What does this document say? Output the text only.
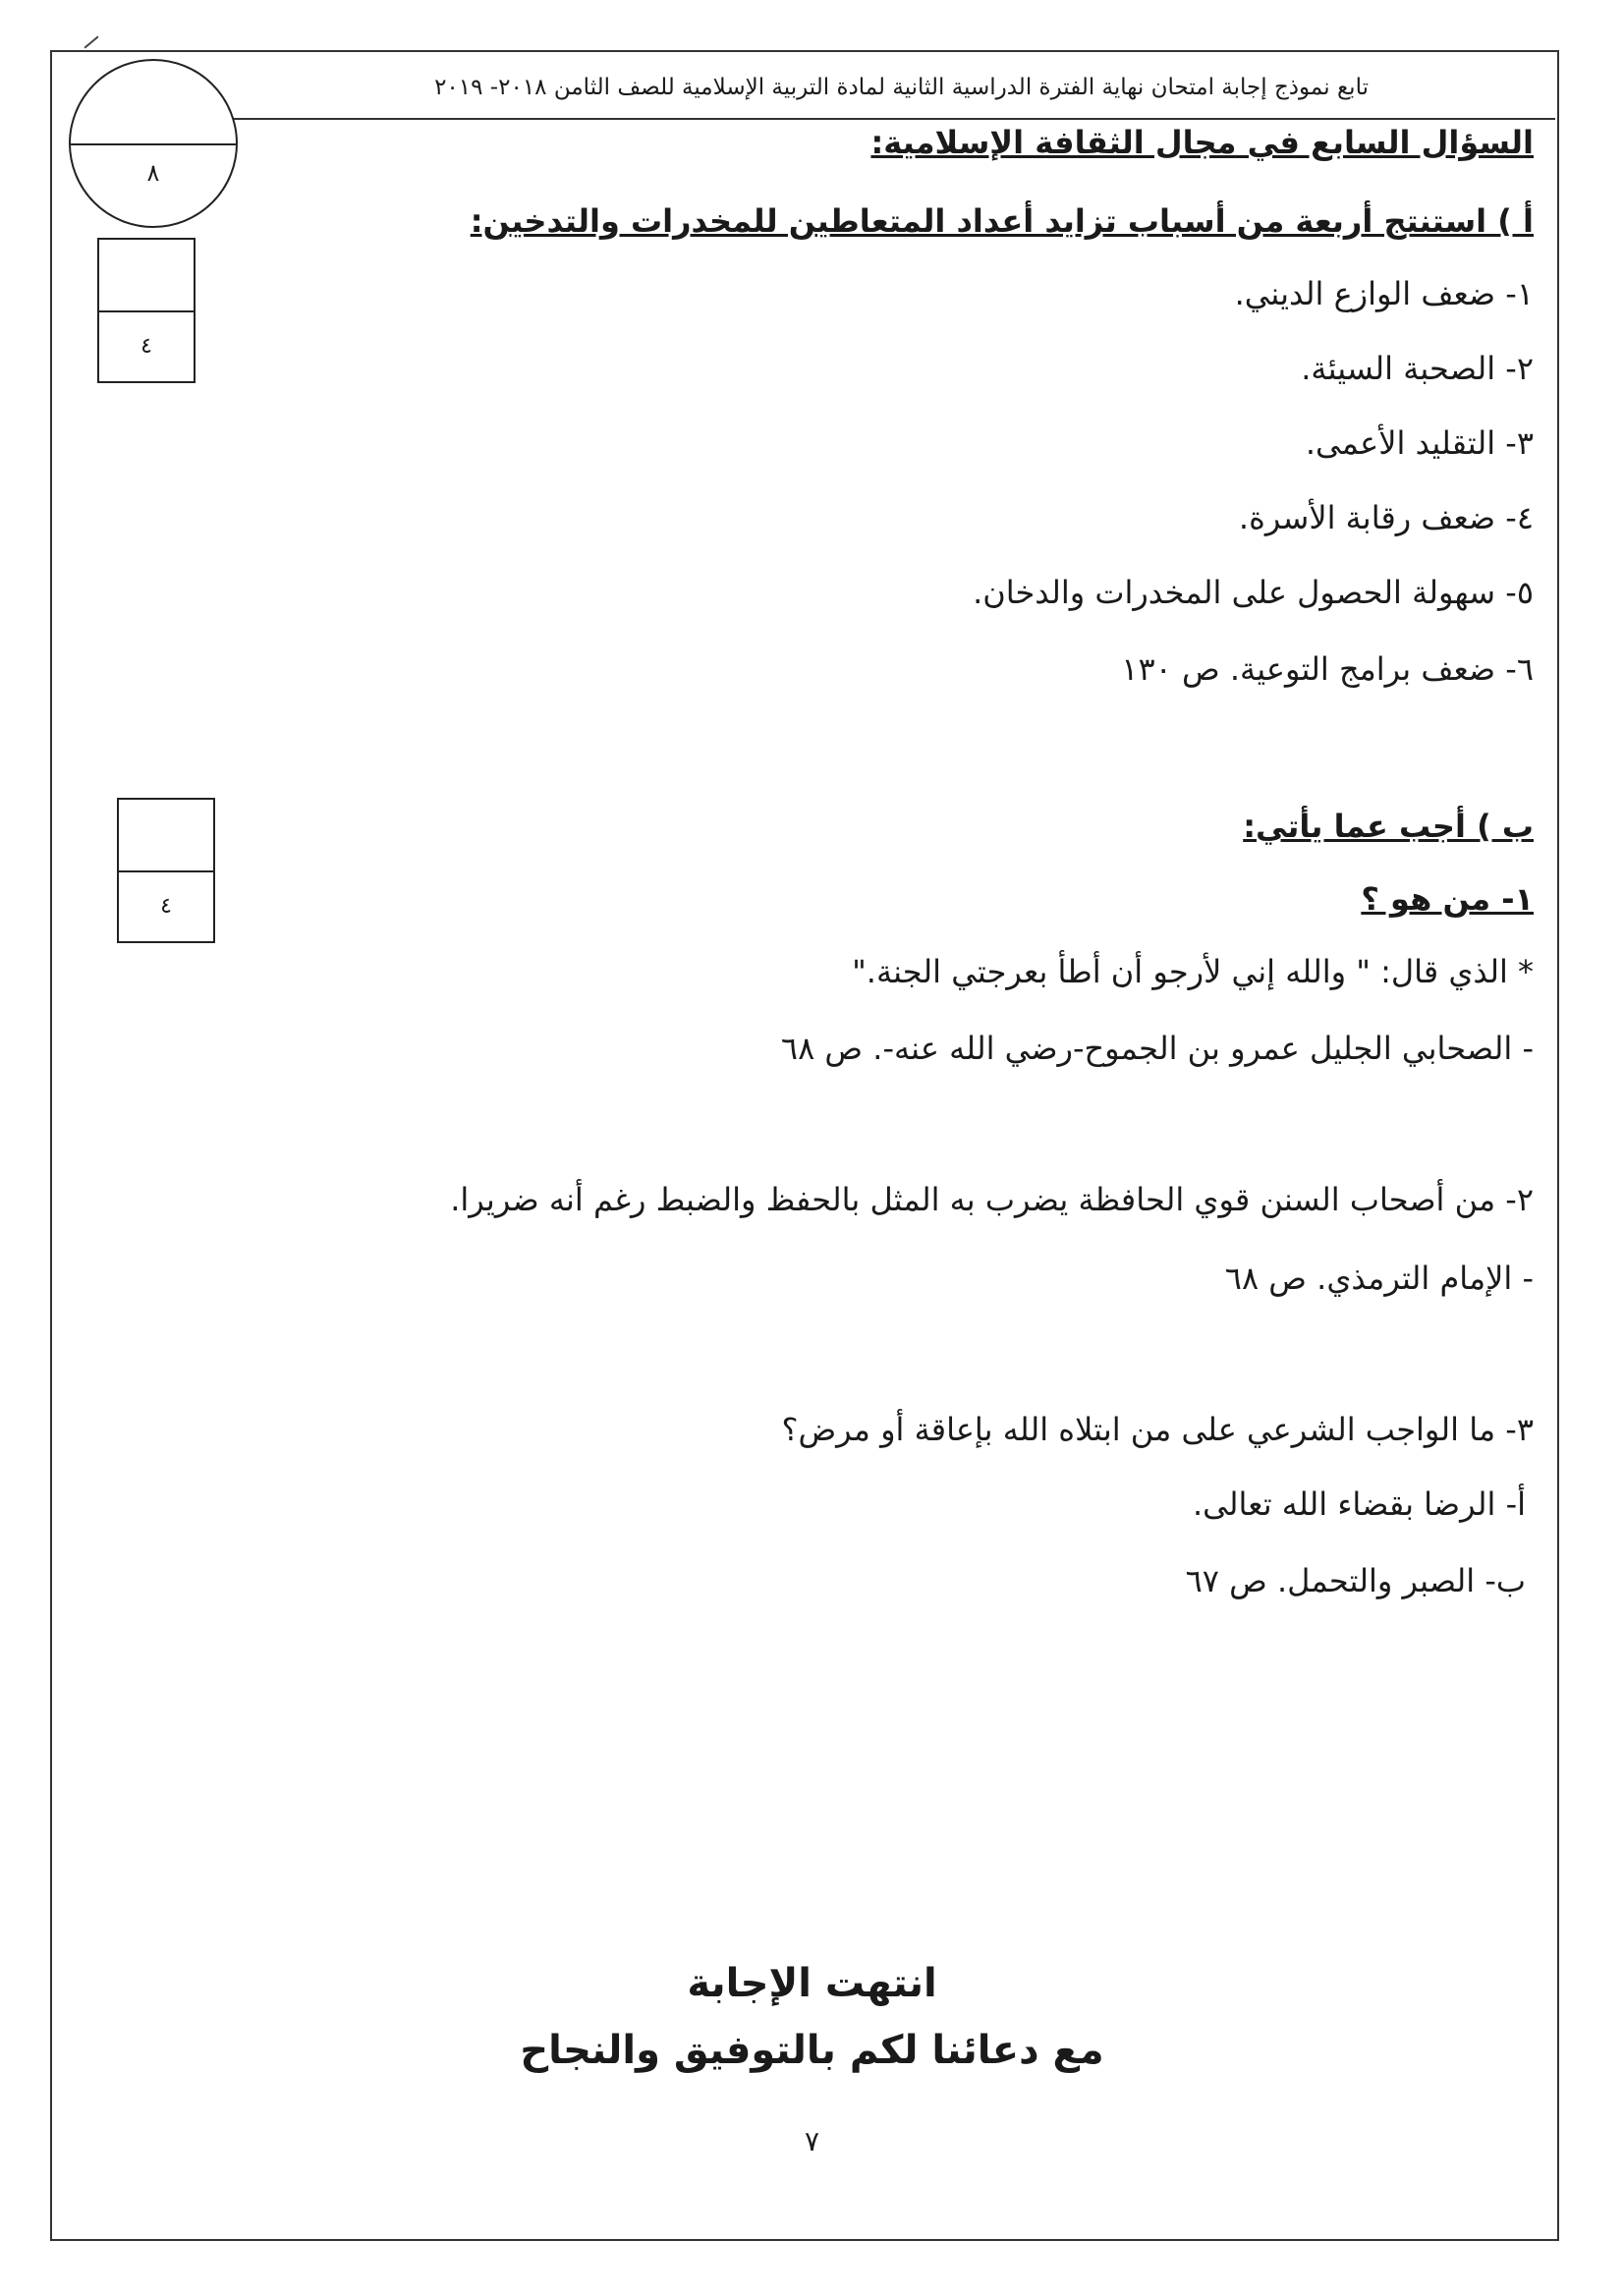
تابع نموذج إجابة امتحان نهاية الفترة الدراسية الثانية لمادة التربية الإسلامية للصف الثامن ٢٠١٨- ٢٠١٩
٨
٤
٤
السؤال السابع في مجال الثقافة الإسلامية:
أ ) استنتج أربعة من أسباب تزايد أعداد المتعاطين للمخدرات والتدخين:
١- ضعف الوازع الديني.
٢- الصحبة السيئة.
٣- التقليد الأعمى.
٤- ضعف رقابة الأسرة.
٥- سهولة الحصول على المخدرات والدخان.
٦- ضعف برامج التوعية. ص ١٣٠
ب ) أجب عما يأتي:
١- من هو ؟
* الذي قال: " والله إني لأرجو أن أطأ بعرجتي الجنة."
- الصحابي الجليل عمرو بن الجموح-رضي الله عنه-. ص ٦٨
٢- من أصحاب السنن قوي الحافظة يضرب به المثل بالحفظ والضبط رغم أنه ضريرا.
- الإمام الترمذي. ص ٦٨
٣- ما الواجب الشرعي على من ابتلاه الله بإعاقة أو مرض؟
أ- الرضا بقضاء الله تعالى.
ب- الصبر والتحمل. ص ٦٧
انتهت الإجابة
مع دعائنا لكم بالتوفيق والنجاح
٧
